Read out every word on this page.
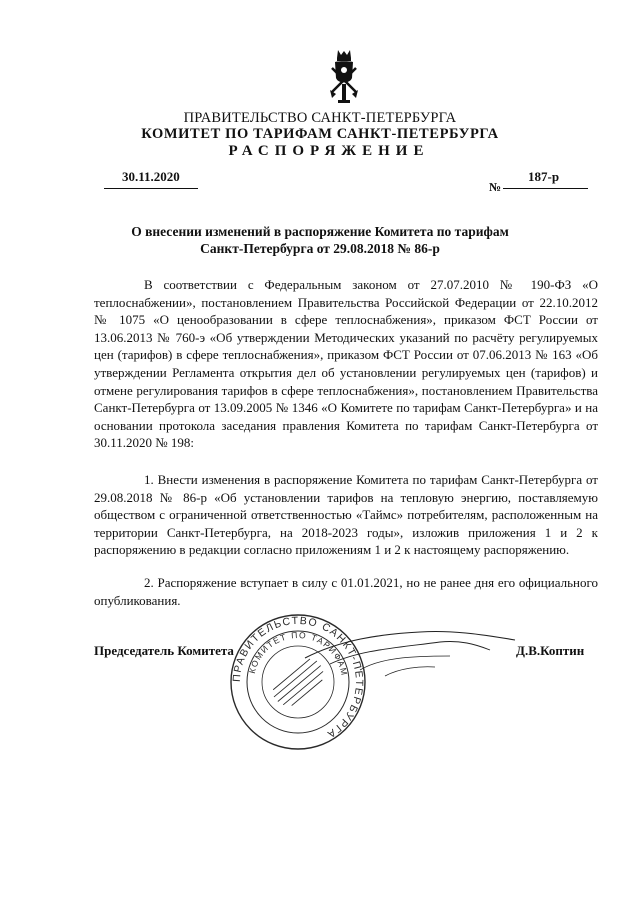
ПРАВИТЕЛЬСТВО САНКТ-ПЕТЕРБУРГА
КОМИТЕТ ПО ТАРИФАМ САНКТ-ПЕТЕРБУРГА
РАСПОРЯЖЕНИЕ
30.11.2020
№
187-р
О внесении изменений в распоряжение Комитета по тарифам
Санкт-Петербурга от 29.08.2018 № 86-р

В соответствии с Федеральным законом от 27.07.2010 № 190-ФЗ «О теплоснабжении», постановлением Правительства Российской Федерации от 22.10.2012 № 1075 «О ценообразовании в сфере теплоснабжения», приказом ФСТ России от 13.06.2013 № 760-э «Об утверждении Методических указаний по расчёту регулируемых цен (тарифов) в сфере теплоснабжения», приказом ФСТ России от 07.06.2013 № 163 «Об утверждении Регламента открытия дел об установлении регулируемых цен (тарифов) и отмене регулирования тарифов в сфере теплоснабжения», постановлением Правительства Санкт-Петербурга от 13.09.2005 № 1346 «О Комитете по тарифам Санкт-Петербурга» и на основании протокола заседания правления Комитета по тарифам Санкт-Петербурга от 30.11.2020 № 198:

1. Внести изменения в распоряжение Комитета по тарифам Санкт-Петербурга от 29.08.2018 № 86-р «Об установлении тарифов на тепловую энергию, поставляемую обществом с ограниченной ответственностью «Таймс» потребителям, расположенным на территории Санкт-Петербурга, на 2018-2023 годы», изложив приложения 1 и 2 к распоряжению в редакции согласно приложениям 1 и 2 к настоящему распоряжению.

2. Распоряжение вступает в силу с 01.01.2021, но не ранее дня его официального опубликования.

ПРАВИТЕЛЬСТВО САНКТ-ПЕТЕРБУРГА
КОМИТЕТ ПО ТАРИФАМ
Председатель Комитета	Д.В.Коптин
